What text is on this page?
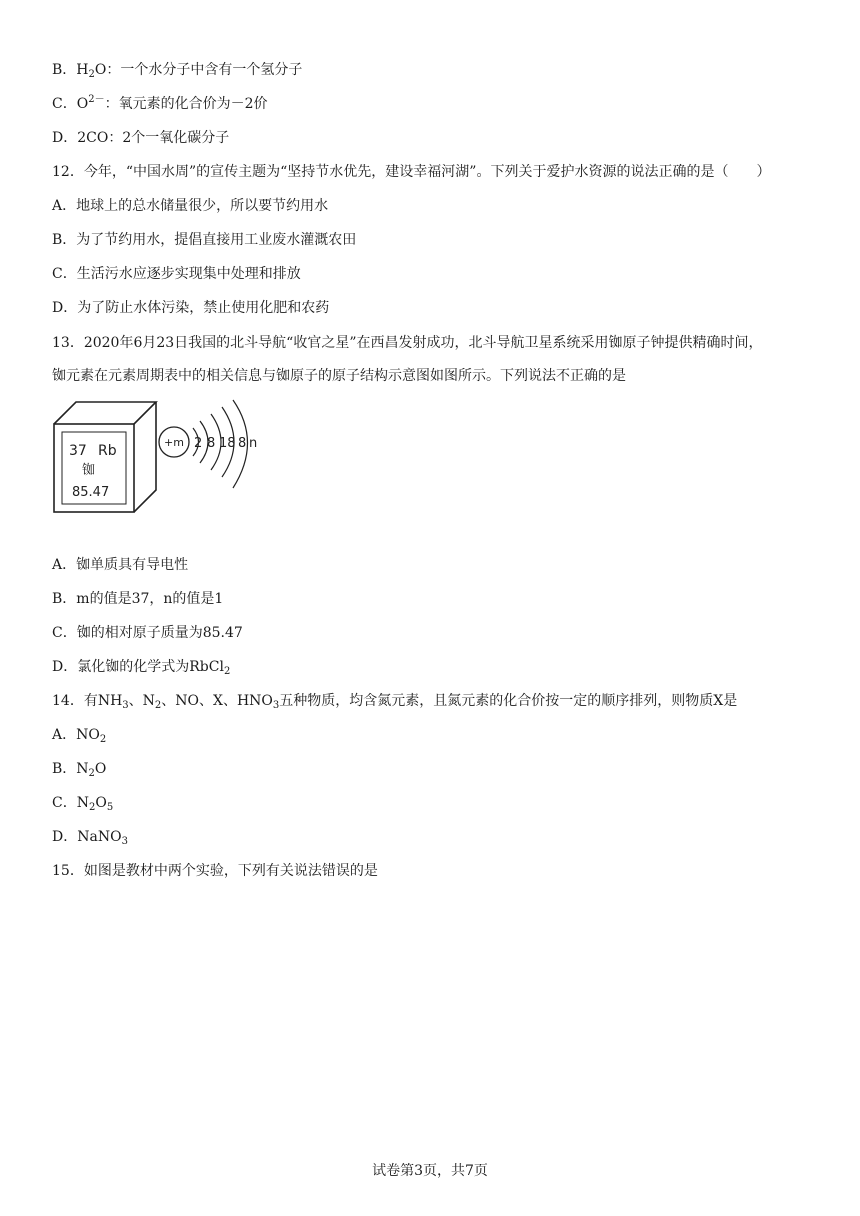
B．$H_2O$：一个水分子中含有一个氢分子
C．$O^{2-}$：氧元素的化合价为－2价
D．2CO：2个一氧化碳分子
12．今年，“中国水周”的宣传主题为“坚持节水优先，建设幸福河湖”。下列关于爱护水资源的说法正确的是（　　）
A．地球上的总水储量很少，所以要节约用水
B．为了节约用水，提倡直接用工业废水灌溉农田
C．生活污水应逐步实现集中处理和排放
D．为了防止水体污染，禁止使用化肥和农药
13．2020年6月23日我国的北斗导航“收官之星”在西昌发射成功，北斗导航卫星系统采用铷原子钟提供精确时间，
铷元素在元素周期表中的相关信息与铷原子的原子结构示意图如图所示。下列说法不正确的是
37 Rb
铷
85.47
+m 2 8 18 8 n
A．铷单质具有导电性
B．m的值是37，n的值是1
C．铷的相对原子质量为85.47
D．氯化铷的化学式为RbCl$_2$
14．有$NH_3$、$N_2$、NO、X、$HNO_3$五种物质，均含氮元素，且氮元素的化合价按一定的顺序排列，则物质X是
A．$NO_2$
B．$N_2O$
C．$N_2O_5$
D．NaNO$_3$
15．如图是教材中两个实验，下列有关说法错误的是
试卷第3页，共7页
